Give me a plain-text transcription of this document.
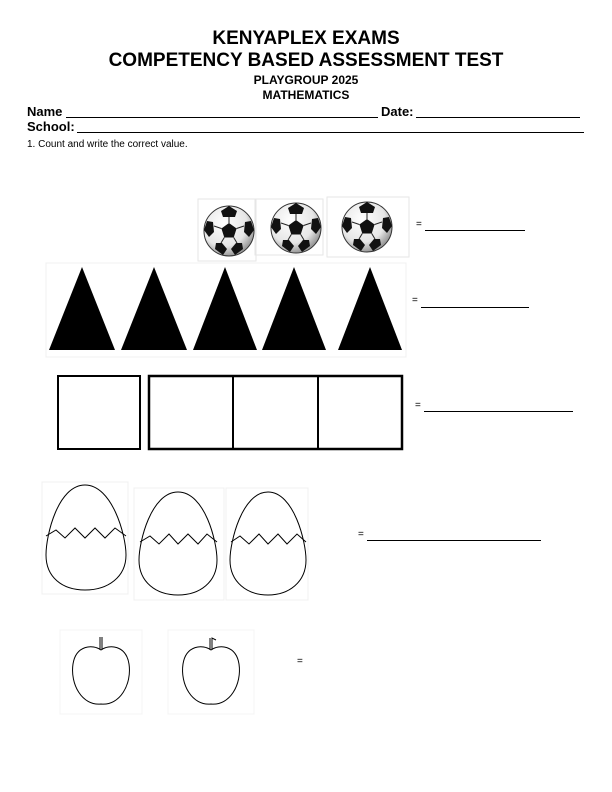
KENYAPLEX EXAMS
COMPETENCY BASED ASSESSMENT TEST
PLAYGROUP 2025
MATHEMATICS
Name	Date:
School:
1. Count and write the correct value.
=
=
=
=
=
